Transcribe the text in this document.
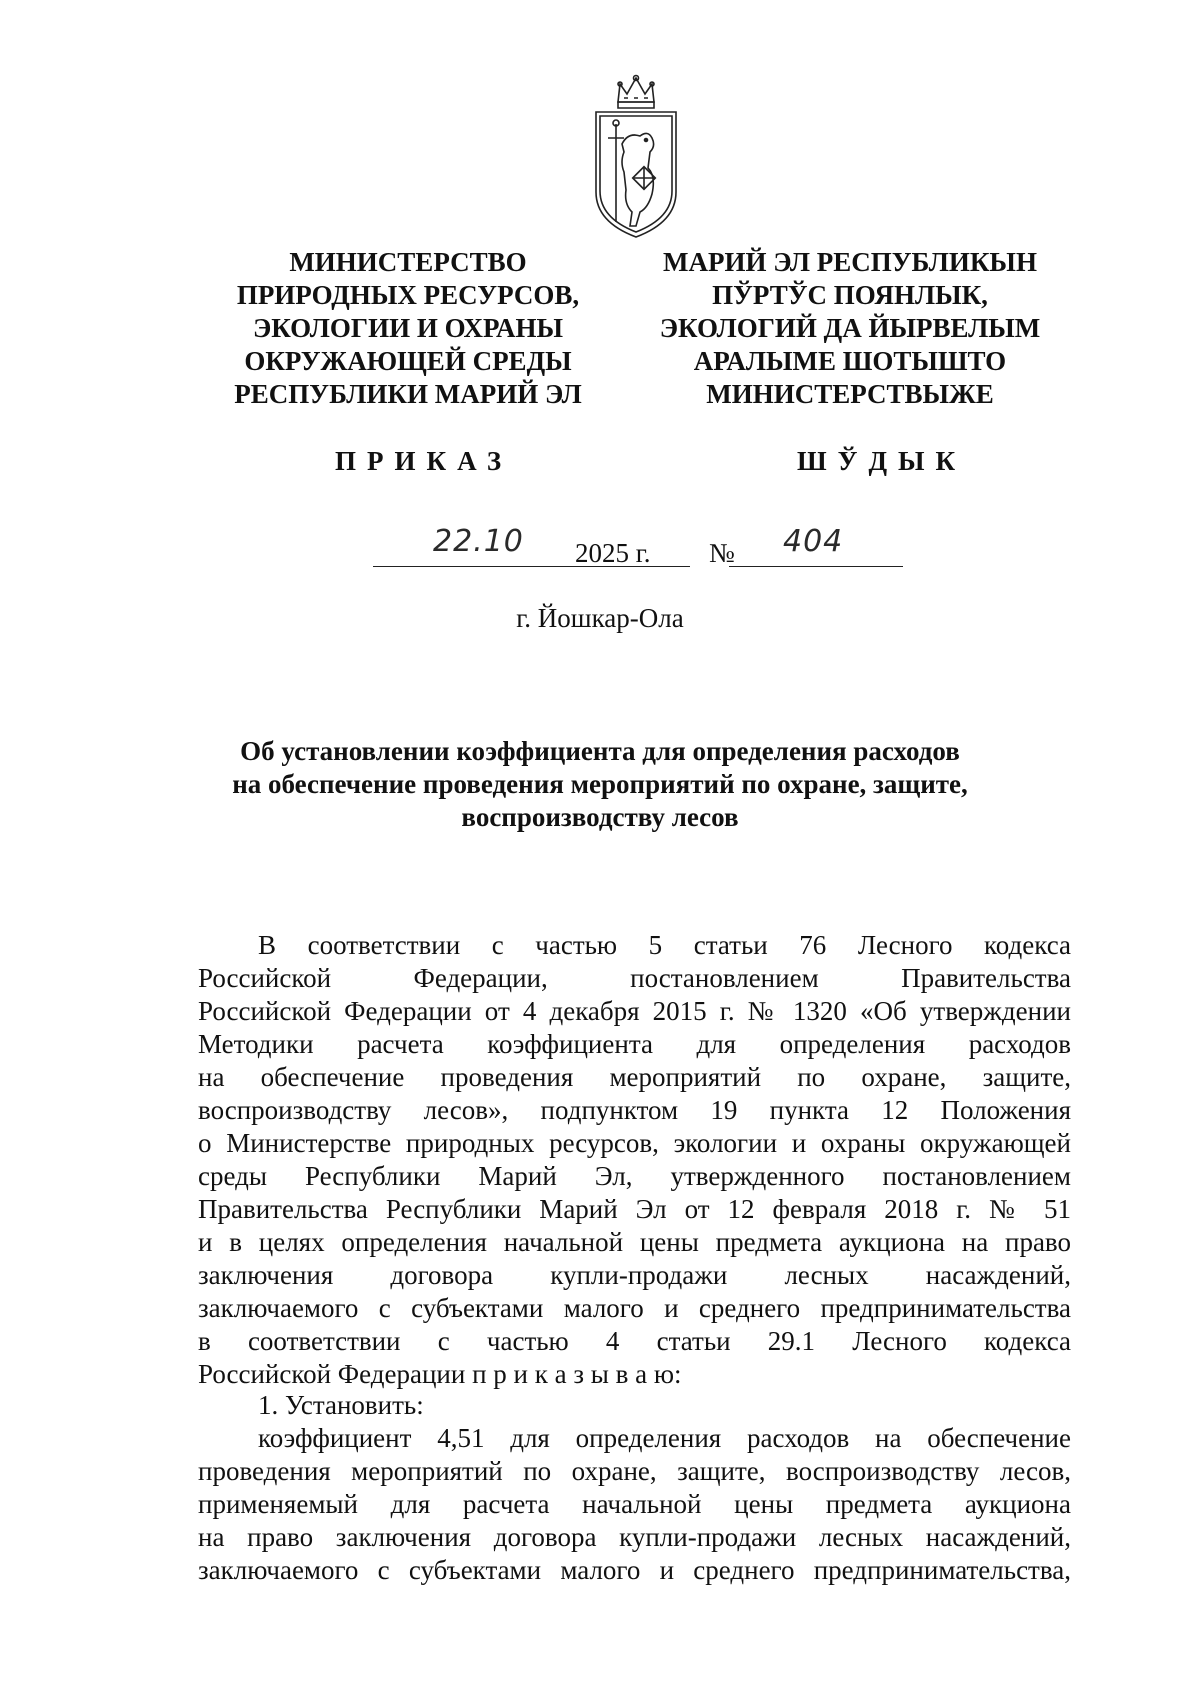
МИНИСТЕРСТВО
ПРИРОДНЫХ РЕСУРСОВ,
ЭКОЛОГИИ И ОХРАНЫ
ОКРУЖАЮЩЕЙ СРЕДЫ
РЕСПУБЛИКИ МАРИЙ ЭЛ
МАРИЙ ЭЛ РЕСПУБЛИКЫН
ПЎРТЎС ПОЯНЛЫК,
ЭКОЛОГИЙ ДА ЙЫРВЕЛЫМ
АРАЛЫМЕ ШОТЫШТО
МИНИСТЕРСТВЫЖЕ
ПРИКАЗ	ШЎДЫК
22.10 2025 г. № 404
г. Йошкар-Ола
Об установлении коэффициента для определения расходов
на обеспечение проведения мероприятий по охране, защите,
воспроизводству лесов
В соответствии с частью 5 статьи 76 Лесного кодекса
Российской Федерации, постановлением Правительства
Российской Федерации от 4 декабря 2015 г. № 1320 «Об утверждении
Методики расчета коэффициента для определения расходов
на обеспечение проведения мероприятий по охране, защите,
воспроизводству лесов», подпунктом 19 пункта 12 Положения
о Министерстве природных ресурсов, экологии и охраны окружающей
среды Республики Марий Эл, утвержденного постановлением
Правительства Республики Марий Эл от 12 февраля 2018 г. № 51
и в целях определения начальной цены предмета аукциона на право
заключения договора купли-продажи лесных насаждений,
заключаемого с субъектами малого и среднего предпринимательства
в соответствии с частью 4 статьи 29.1 Лесного кодекса
Российской Федерации п р и к а з ы в а ю:
1. Установить:
коэффициент 4,51 для определения расходов на обеспечение
проведения мероприятий по охране, защите, воспроизводству лесов,
применяемый для расчета начальной цены предмета аукциона
на право заключения договора купли-продажи лесных насаждений,
заключаемого с субъектами малого и среднего предпринимательства,
